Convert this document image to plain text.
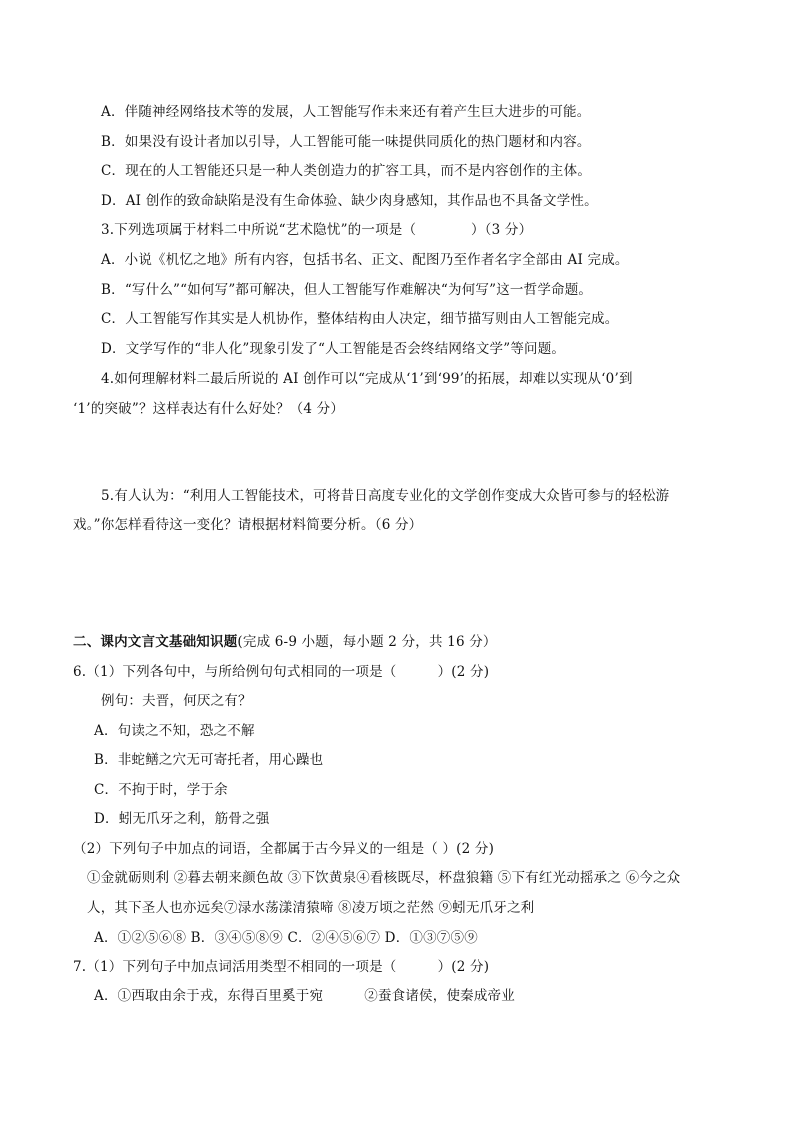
A．伴随神经网络技术等的发展，人工智能写作未来还有着产生巨大进步的可能。
B．如果没有设计者加以引导，人工智能可能一味提供同质化的热门题材和内容。
C．现在的人工智能还只是一种人类创造力的扩容工具，而不是内容创作的主体。
D．AI 创作的致命缺陷是没有生命体验、缺少肉身感知，其作品也不具备文学性。
3.下列选项属于材料二中所说“艺术隐忧”的一项是（　　　　）（3 分）
A．小说《机忆之地》所有内容，包括书名、正文、配图乃至作者名字全部由 AI 完成。
B．“写什么”“如何写”都可解决，但人工智能写作难解决“为何写”这一哲学命题。
C．人工智能写作其实是人机协作，整体结构由人决定，细节描写则由人工智能完成。
D．文学写作的“非人化”现象引发了“人工智能是否会终结网络文学”等问题。
4.如何理解材料二最后所说的 AI 创作可以“完成从‘1’到‘99’的拓展，却难以实现从‘0’到
‘1’的突破”？这样表达有什么好处？（4 分）
5.有人认为：“利用人工智能技术，可将昔日高度专业化的文学创作变成大众皆可参与的轻松游
戏。”你怎样看待这一变化？请根据材料简要分析。（6 分）
二、课内文言文基础知识题(完成 6-9 小题，每小题 2 分，共 16 分）
6.（1）下列各句中，与所给例句句式相同的一项是（　　　）(2 分)
例句：夫晋，何厌之有？
A．句读之不知，恐之不解
B．非蛇鳝之穴无可寄托者，用心躁也
C．不拘于时，学于余
D．蚓无爪牙之利，筋骨之强
（2）下列句子中加点的词语，全都属于古今异义的一组是（ ）(2 分)
①金就砺则利 ②暮去朝来颜色故 ③下饮黄泉④看核既尽，杯盘狼籍 ⑤下有红光动摇承之 ⑥今之众
人，其下圣人也亦远矣⑦渌水荡漾清猿啼 ⑧凌万顷之茫然 ⑨蚓无爪牙之利
A．①②⑤⑥⑧ B．③④⑤⑧⑨ C．②④⑤⑥⑦ D．①③⑦⑤⑨
7.（1）下列句子中加点词活用类型不相同的一项是（　　　）(2 分)
A．①西取由余于戎，东得百里奚于宛　　　②蚕食诸侯，使秦成帝业
